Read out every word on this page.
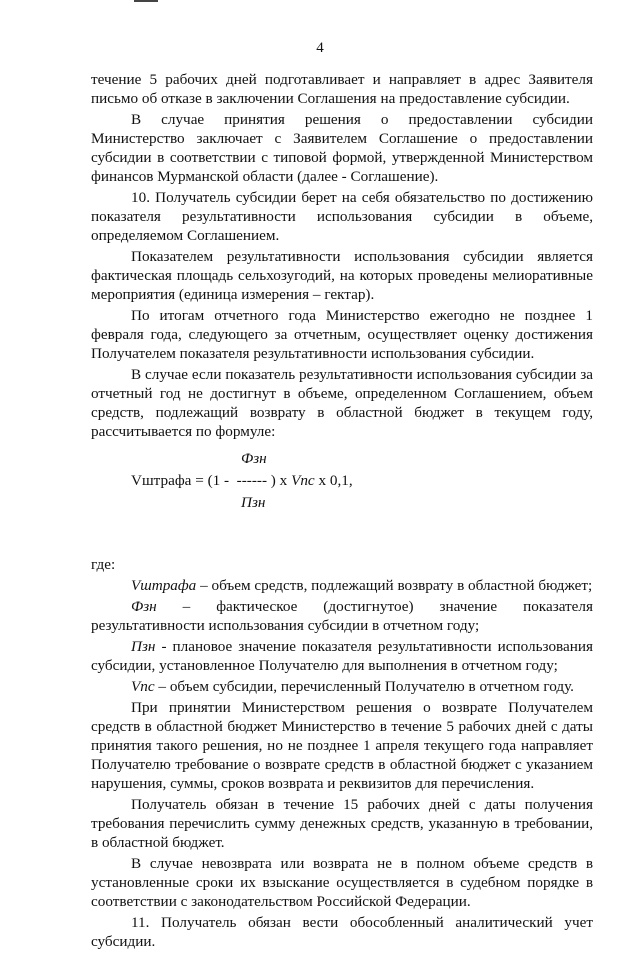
4

течение 5 рабочих дней подготавливает и направляет в адрес Заявителя письмо об отказе в заключении Соглашения на предоставление субсидии.

В случае принятия решения о предоставлении субсидии Министерство заключает с Заявителем Соглашение о предоставлении субсидии в соответствии с типовой формой, утвержденной Министерством финансов Мурманской области (далее - Соглашение).

10. Получатель субсидии берет на себя обязательство по достижению показателя результативности использования субсидии в объеме, определяемом Соглашением.

Показателем результативности использования субсидии является фактическая площадь сельхозугодий, на которых проведены мелиоративные мероприятия (единица измерения – гектар).

По итогам отчетного года Министерство ежегодно не позднее 1 февраля года, следующего за отчетным, осуществляет оценку достижения Получателем показателя результативности использования субсидии.

В случае если показатель результативности использования субсидии за отчетный год не достигнут в объеме, определенном Соглашением, объем средств, подлежащий возврату в областной бюджет в текущем году, рассчитывается по формуле:

Фзн
Vштрафа = (1 -  ------ ) х Vпс х 0,1,
Пзн

где:

Vштрафа – объем средств, подлежащий возврату в областной бюджет;

Фзн – фактическое (достигнутое) значение показателя

результативности использования субсидии в отчетном году;

Пзн - плановое значение показателя результативности использования субсидии, установленное Получателю для выполнения в отчетном году;

Vпс – объем субсидии, перечисленный Получателю в отчетном году.

При принятии Министерством решения о возврате Получателем средств в областной бюджет Министерство в течение 5 рабочих дней с даты принятия такого решения, но не позднее 1 апреля текущего года направляет Получателю требование о возврате средств в областной бюджет с указанием нарушения, суммы, сроков возврата и реквизитов для перечисления.

Получатель обязан в течение 15 рабочих дней с даты получения требования перечислить сумму денежных средств, указанную в требовании, в областной бюджет.

В случае невозврата или возврата не в полном объеме средств в установленные сроки их взыскание осуществляется в судебном порядке в соответствии с законодательством Российской Федерации.

11. Получатель обязан вести обособленный аналитический учет субсидии.
